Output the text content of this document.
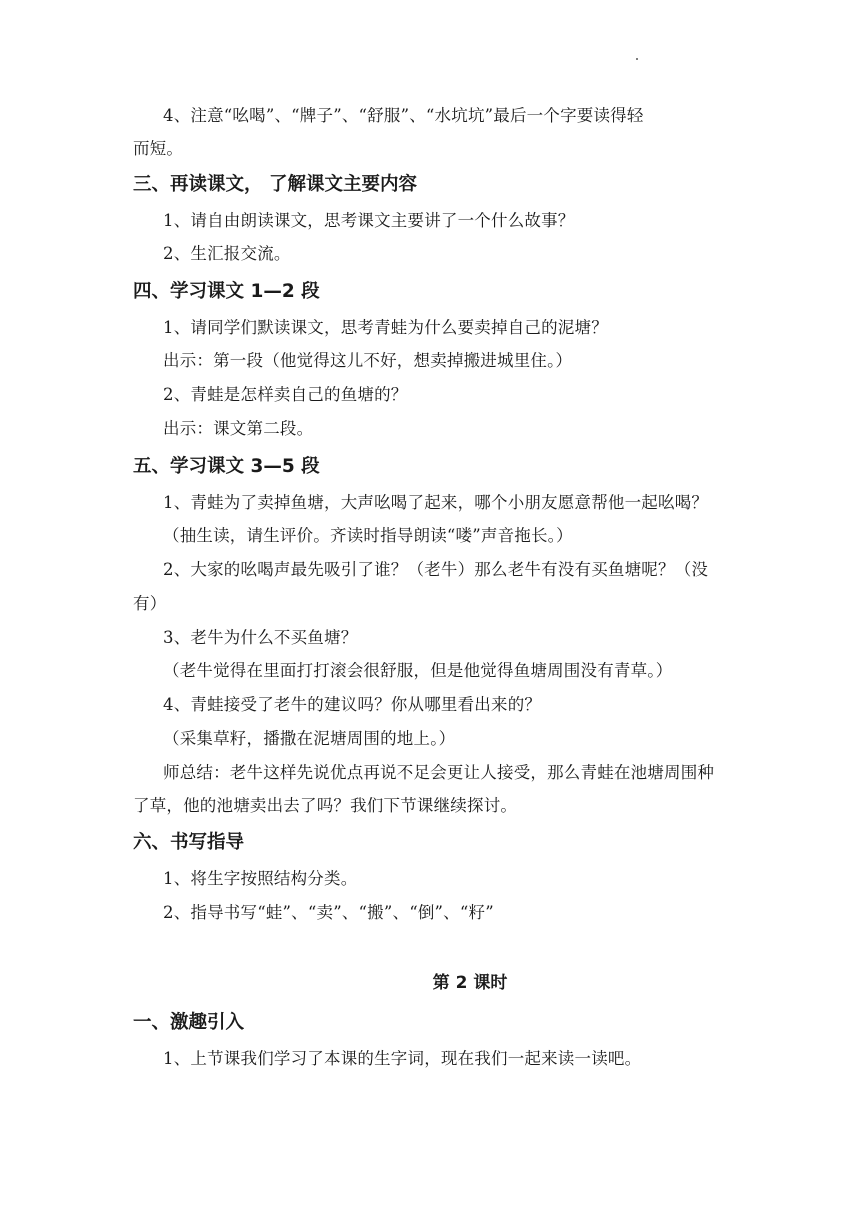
4、注意“吆喝”、“牌子”、“舒服”、“水坑坑”最后一个字要读得轻
而短。
三、再读课文， 了解课文主要内容
1、请自由朗读课文，思考课文主要讲了一个什么故事？
2、生汇报交流。
四、学习课文 1—2 段
1、请同学们默读课文，思考青蛙为什么要卖掉自己的泥塘？
出示：第一段（他觉得这儿不好，想卖掉搬进城里住。）
2、青蛙是怎样卖自己的鱼塘的？
出示：课文第二段。
五、学习课文 3—5 段
1、青蛙为了卖掉鱼塘，大声吆喝了起来，哪个小朋友愿意帮他一起吆喝？
（抽生读，请生评价。齐读时指导朗读“喽”声音拖长。）
2、大家的吆喝声最先吸引了谁？（老牛）那么老牛有没有买鱼塘呢？（没
有）
3、老牛为什么不买鱼塘？
（老牛觉得在里面打打滚会很舒服，但是他觉得鱼塘周围没有青草。）
4、青蛙接受了老牛的建议吗？你从哪里看出来的？
（采集草籽，播撒在泥塘周围的地上。）
师总结：老牛这样先说优点再说不足会更让人接受，那么青蛙在池塘周围种
了草，他的池塘卖出去了吗？我们下节课继续探讨。
六、书写指导
1、将生字按照结构分类。
2、指导书写“蛙”、“卖”、“搬”、“倒”、“籽”
第 2 课时
一、激趣引入
1、上节课我们学习了本课的生字词，现在我们一起来读一读吧。
